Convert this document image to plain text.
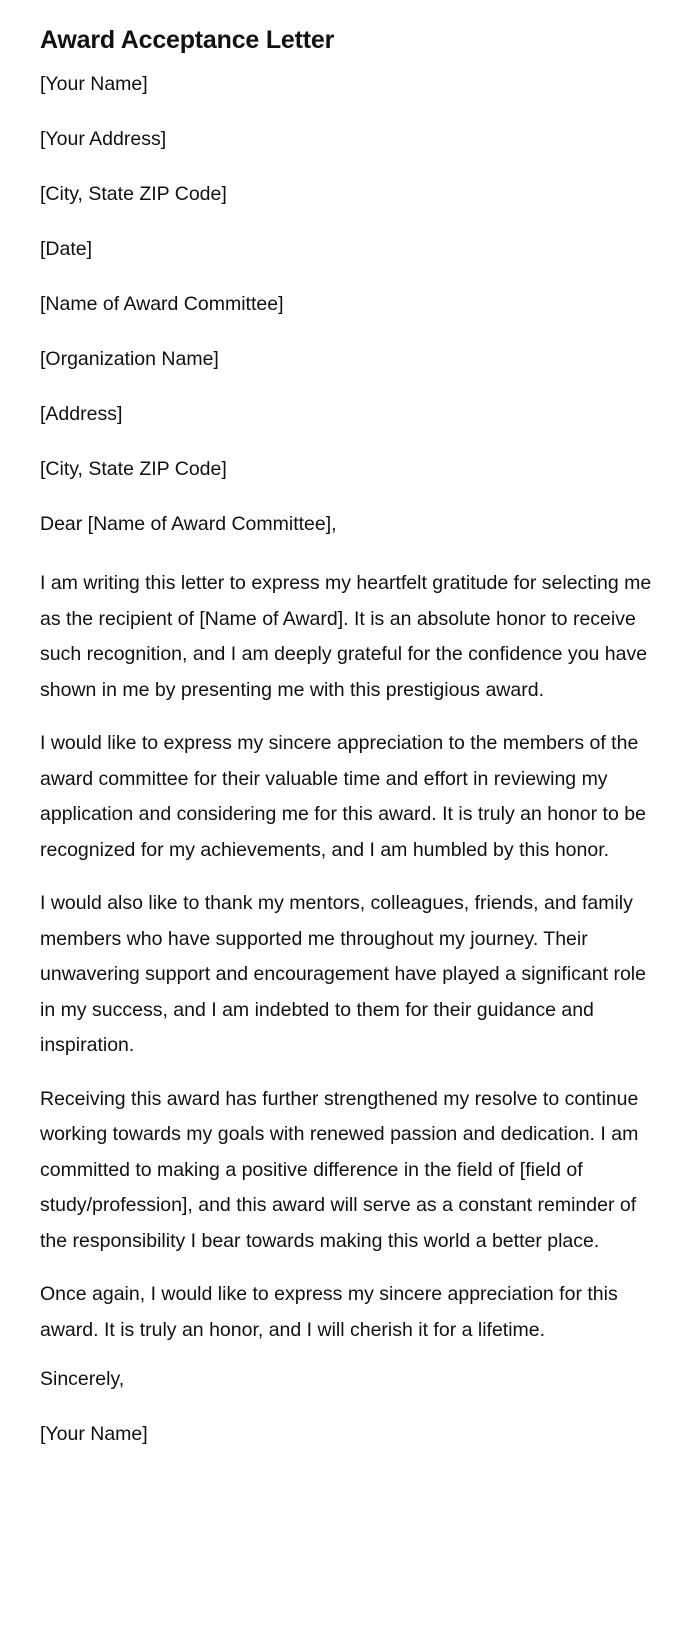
Award Acceptance Letter
[Your Name]
[Your Address]
[City, State ZIP Code]
[Date]
[Name of Award Committee]
[Organization Name]
[Address]
[City, State ZIP Code]
Dear [Name of Award Committee],
I am writing this letter to express my heartfelt gratitude for selecting me as the recipient of [Name of Award]. It is an absolute honor to receive such recognition, and I am deeply grateful for the confidence you have shown in me by presenting me with this prestigious award.
I would like to express my sincere appreciation to the members of the award committee for their valuable time and effort in reviewing my application and considering me for this award. It is truly an honor to be recognized for my achievements, and I am humbled by this honor.
I would also like to thank my mentors, colleagues, friends, and family members who have supported me throughout my journey. Their unwavering support and encouragement have played a significant role in my success, and I am indebted to them for their guidance and inspiration.
Receiving this award has further strengthened my resolve to continue working towards my goals with renewed passion and dedication. I am committed to making a positive difference in the field of [field of study/profession], and this award will serve as a constant reminder of the responsibility I bear towards making this world a better place.
Once again, I would like to express my sincere appreciation for this award. It is truly an honor, and I will cherish it for a lifetime.
Sincerely,
[Your Name]
